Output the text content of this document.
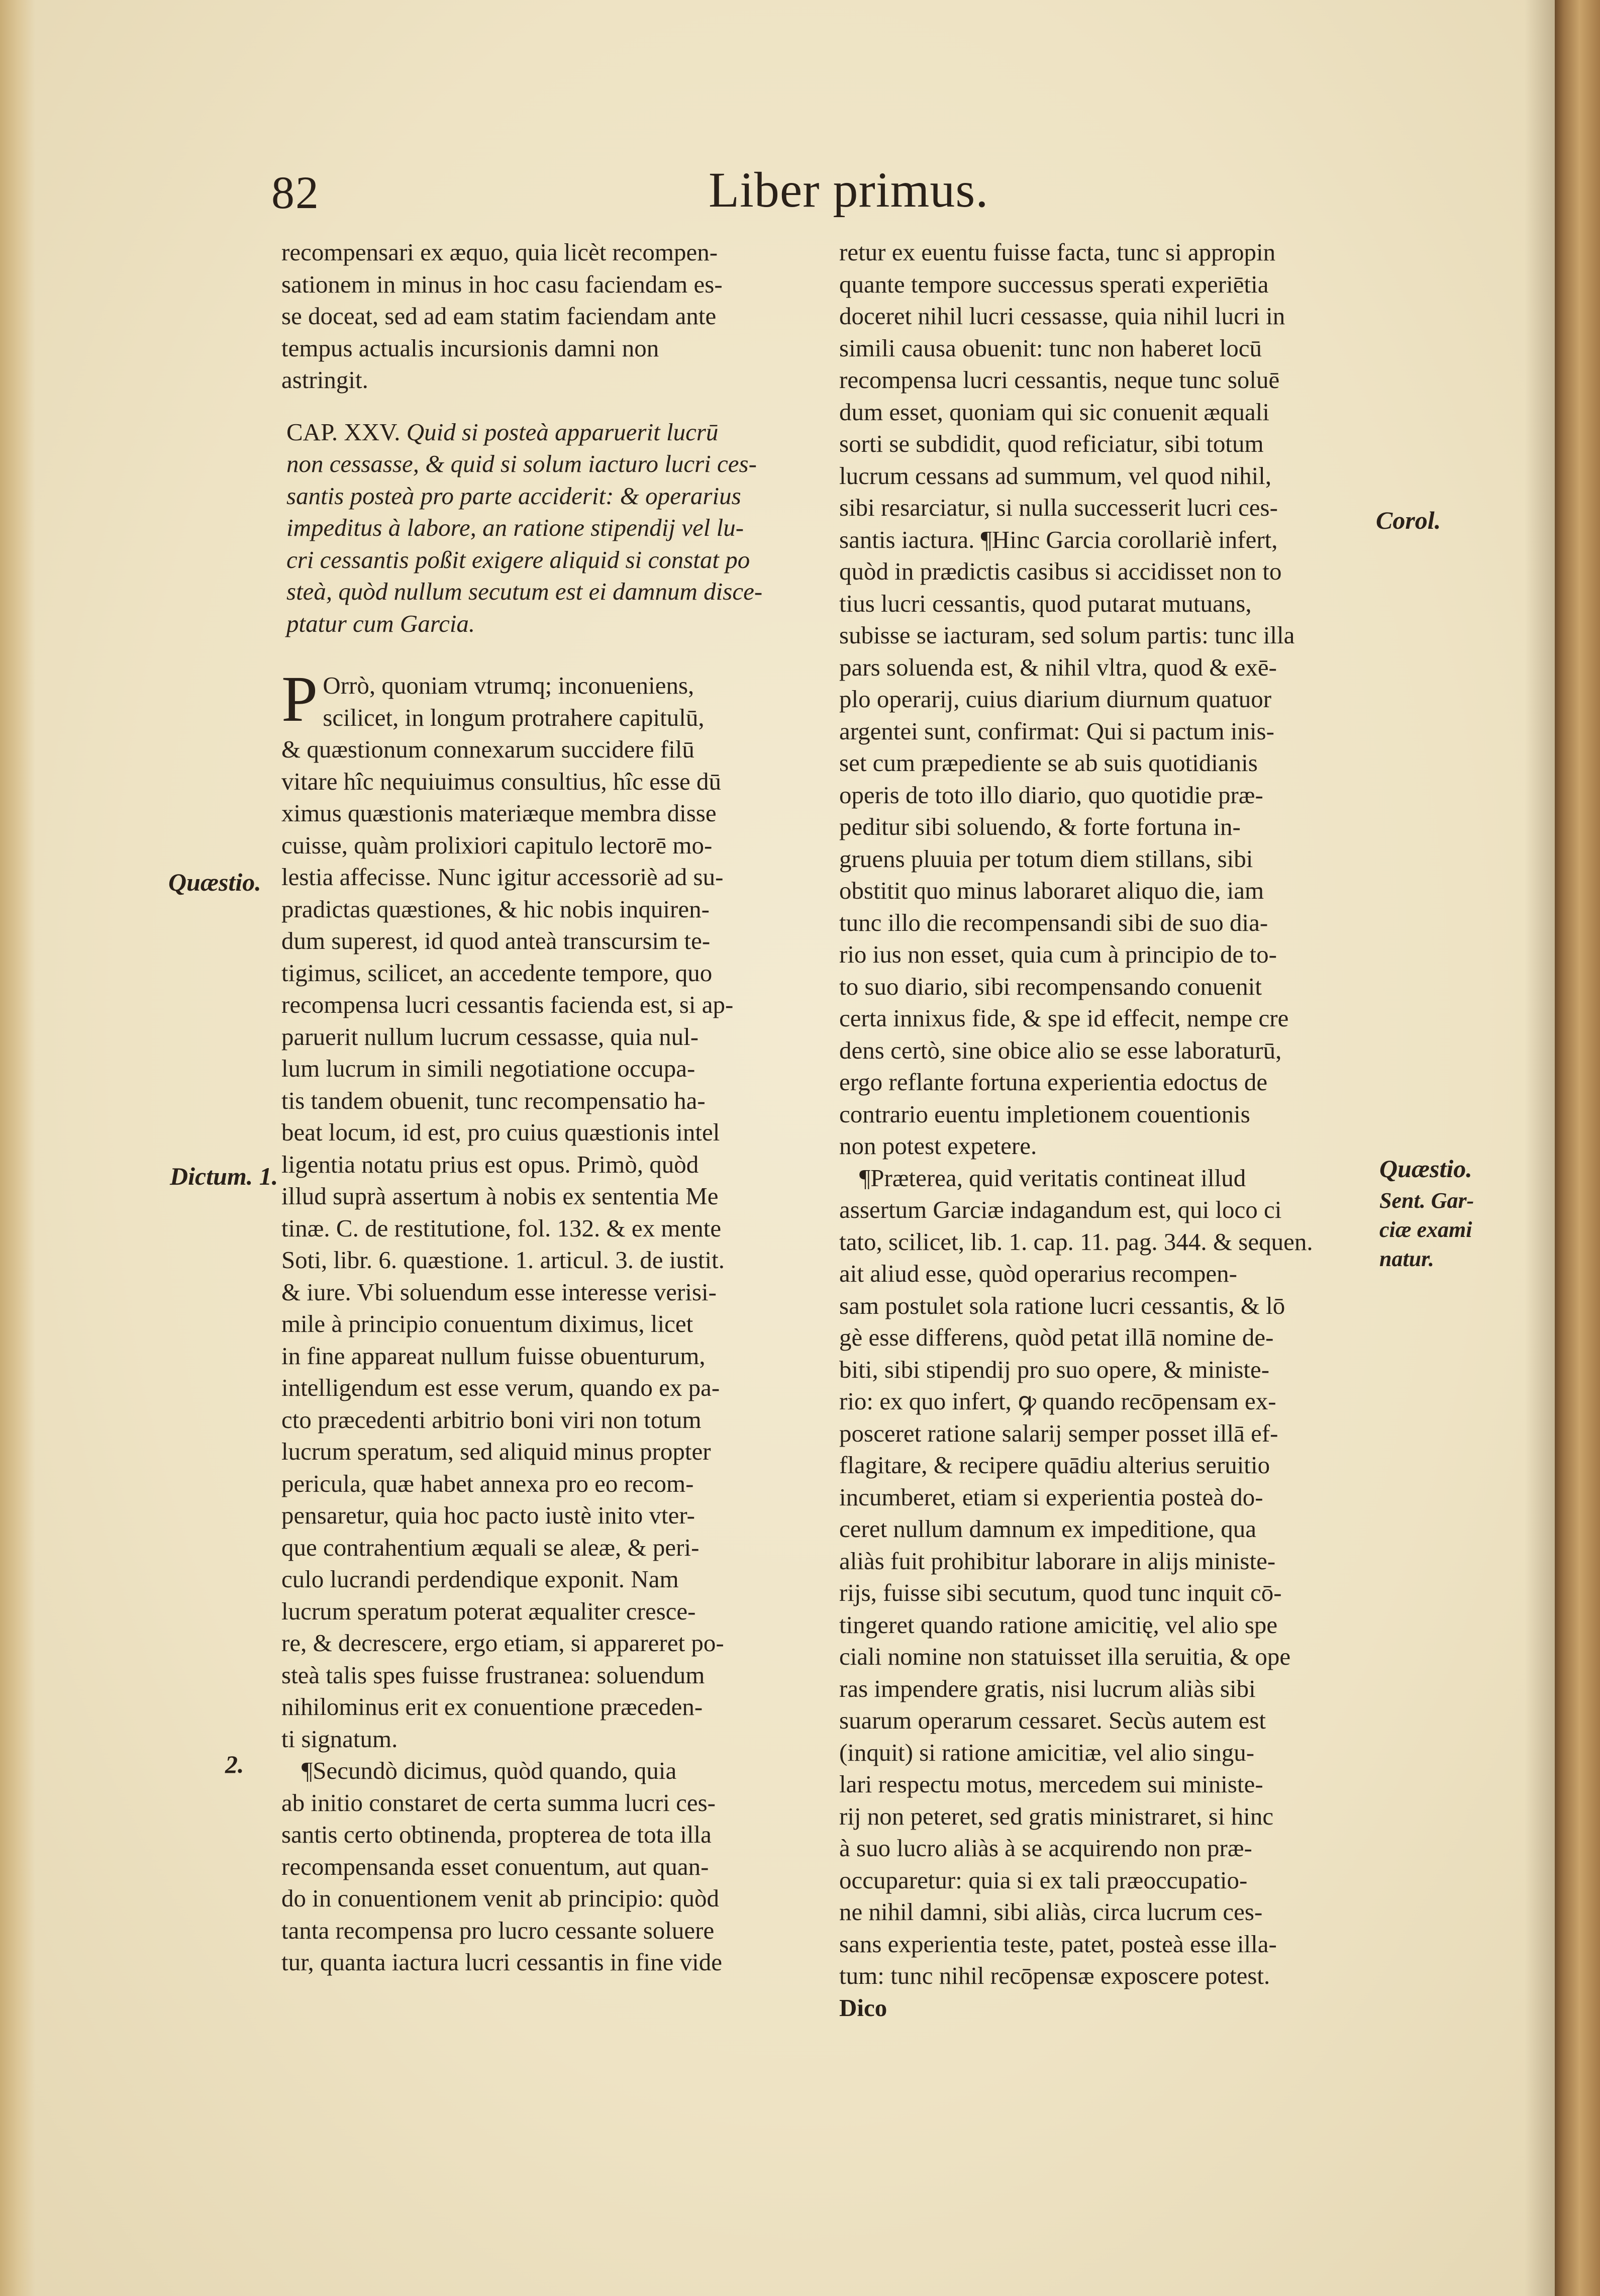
82	Liber primus.

recompensari ex æquo, quia licèt recompen-
sationem in minus in hoc casu faciendam es-
se doceat, sed ad eam statim faciendam ante
tempus actualis incursionis damni non
astringit.

CAP. XXV. Quid si posteà apparuerit lucrū
non cessasse, & quid si solum iacturo lucri ces-
santis posteà pro parte acciderit: & operarius
impeditus à labore, an ratione stipendij vel lu-
cri cessantis poßit exigere aliquid si constat po
steà, quòd nullum secutum est ei damnum disce-
ptatur cum Garcia.
P Orrò, quoniam vtrumq; inconueniens,
scilicet, in longum protrahere capitulū,
& quæstionum connexarum succidere filū
vitare hîc nequiuimus consultius, hîc esse dū
ximus quæstionis materiæque membra disse
cuisse, quàm prolixiori capitulo lectorē mo-
lestia affecisse. Nunc igitur accessoriè ad su-
pradictas quæstiones, & hic nobis inquiren-
dum superest, id quod anteà transcursim te-
tigimus, scilicet, an accedente tempore, quo
recompensa lucri cessantis facienda est, si ap-
paruerit nullum lucrum cessasse, quia nul-
lum lucrum in simili negotiatione occupa-
tis tandem obuenit, tunc recompensatio ha-
beat locum, id est, pro cuius quæstionis intel
ligentia notatu prius est opus. Primò, quòd
illud suprà assertum à nobis ex sententia Me
tinæ. C. de restitutione, fol. 132. & ex mente
Soti, libr. 6. quæstione. 1. articul. 3. de iustit.
& iure. Vbi soluendum esse interesse verisi-
mile à principio conuentum diximus, licet
in fine appareat nullum fuisse obuenturum,
intelligendum est esse verum, quando ex pa-
cto præcedenti arbitrio boni viri non totum
lucrum speratum, sed aliquid minus propter
pericula, quæ habet annexa pro eo recom-
pensaretur, quia hoc pacto iustè inito vter-
que contrahentium æquali se aleæ, & peri-
culo lucrandi perdendique exponit. Nam
lucrum speratum poterat æqualiter cresce-
re, & decrescere, ergo etiam, si appareret po-
steà talis spes fuisse frustranea: soluendum
nihilominus erit ex conuentione præceden-
ti signatum.

¶Secundò dicimus, quòd quando, quia
ab initio constaret de certa summa lucri ces-
santis certo obtinenda, propterea de tota illa
recompensanda esset conuentum, aut quan-
do in conuentionem venit ab principio: quòd
tanta recompensa pro lucro cessante soluere
tur, quanta iactura lucri cessantis in fine vide

retur ex euentu fuisse facta, tunc si appropin
quante tempore successus sperati experiētia
doceret nihil lucri cessasse, quia nihil lucri in
simili causa obuenit: tunc non haberet locū
recompensa lucri cessantis, neque tunc soluē
dum esset, quoniam qui sic conuenit æquali
sorti se subdidit, quod reficiatur, sibi totum
lucrum cessans ad summum, vel quod nihil,
sibi resarciatur, si nulla successerit lucri ces-
santis iactura. ¶Hinc Garcia corollariè infert,
quòd in prædictis casibus si accidisset non to
tius lucri cessantis, quod putarat mutuans,
subisse se iacturam, sed solum partis: tunc illa
pars soluenda est, & nihil vltra, quod & exē-
plo operarij, cuius diarium diurnum quatuor
argentei sunt, confirmat: Qui si pactum inis-
set cum præpediente se ab suis quotidianis
operis de toto illo diario, quo quotidie præ-
peditur sibi soluendo, & forte fortuna in-
gruens pluuia per totum diem stillans, sibi
obstitit quo minus laboraret aliquo die, iam
tunc illo die recompensandi sibi de suo dia-
rio ius non esset, quia cum à principio de to-
to suo diario, sibi recompensando conuenit
certa innixus fide, & spe id effecit, nempe cre
dens certò, sine obice alio se esse laboraturū,
ergo reflante fortuna experientia edoctus de
contrario euentu impletionem couentionis
non potest expetere.

¶Præterea, quid veritatis contineat illud
assertum Garciæ indagandum est, qui loco ci
tato, scilicet, lib. 1. cap. 11. pag. 344. & sequen.
ait aliud esse, quòd operarius recompen-
sam postulet sola ratione lucri cessantis, & lō
gè esse differens, quòd petat illā nomine de-
biti, sibi stipendij pro suo opere, & ministe-
rio: ex quo infert, ꝙ quando recōpensam ex-
posceret ratione salarij semper posset illā ef-
flagitare, & recipere quādiu alterius seruitio
incumberet, etiam si experientia posteà do-
ceret nullum damnum ex impeditione, qua
aliàs fuit prohibitur laborare in alijs ministe-
rijs, fuisse sibi secutum, quod tunc inquit cō-
tingeret quando ratione amicitię, vel alio spe
ciali nomine non statuisset illa seruitia, & ope
ras impendere gratis, nisi lucrum aliàs sibi
suarum operarum cessaret. Secùs autem est
(inquit) si ratione amicitiæ, vel alio singu-
lari respectu motus, mercedem sui ministe-
rij non peteret, sed gratis ministraret, si hinc
à suo lucro aliàs à se acquirendo non præ-
occuparetur: quia si ex tali præoccupatio-
ne nihil damni, sibi aliàs, circa lucrum ces-
sans experientia teste, patet, posteà esse illa-
tum: tunc nihil recōpensæ exposcere potest.

Dico

Quæstio.
Dictum. 1.
2.
Corol.
Quæstio.
Sent. Gar-
ciæ exami
natur.
